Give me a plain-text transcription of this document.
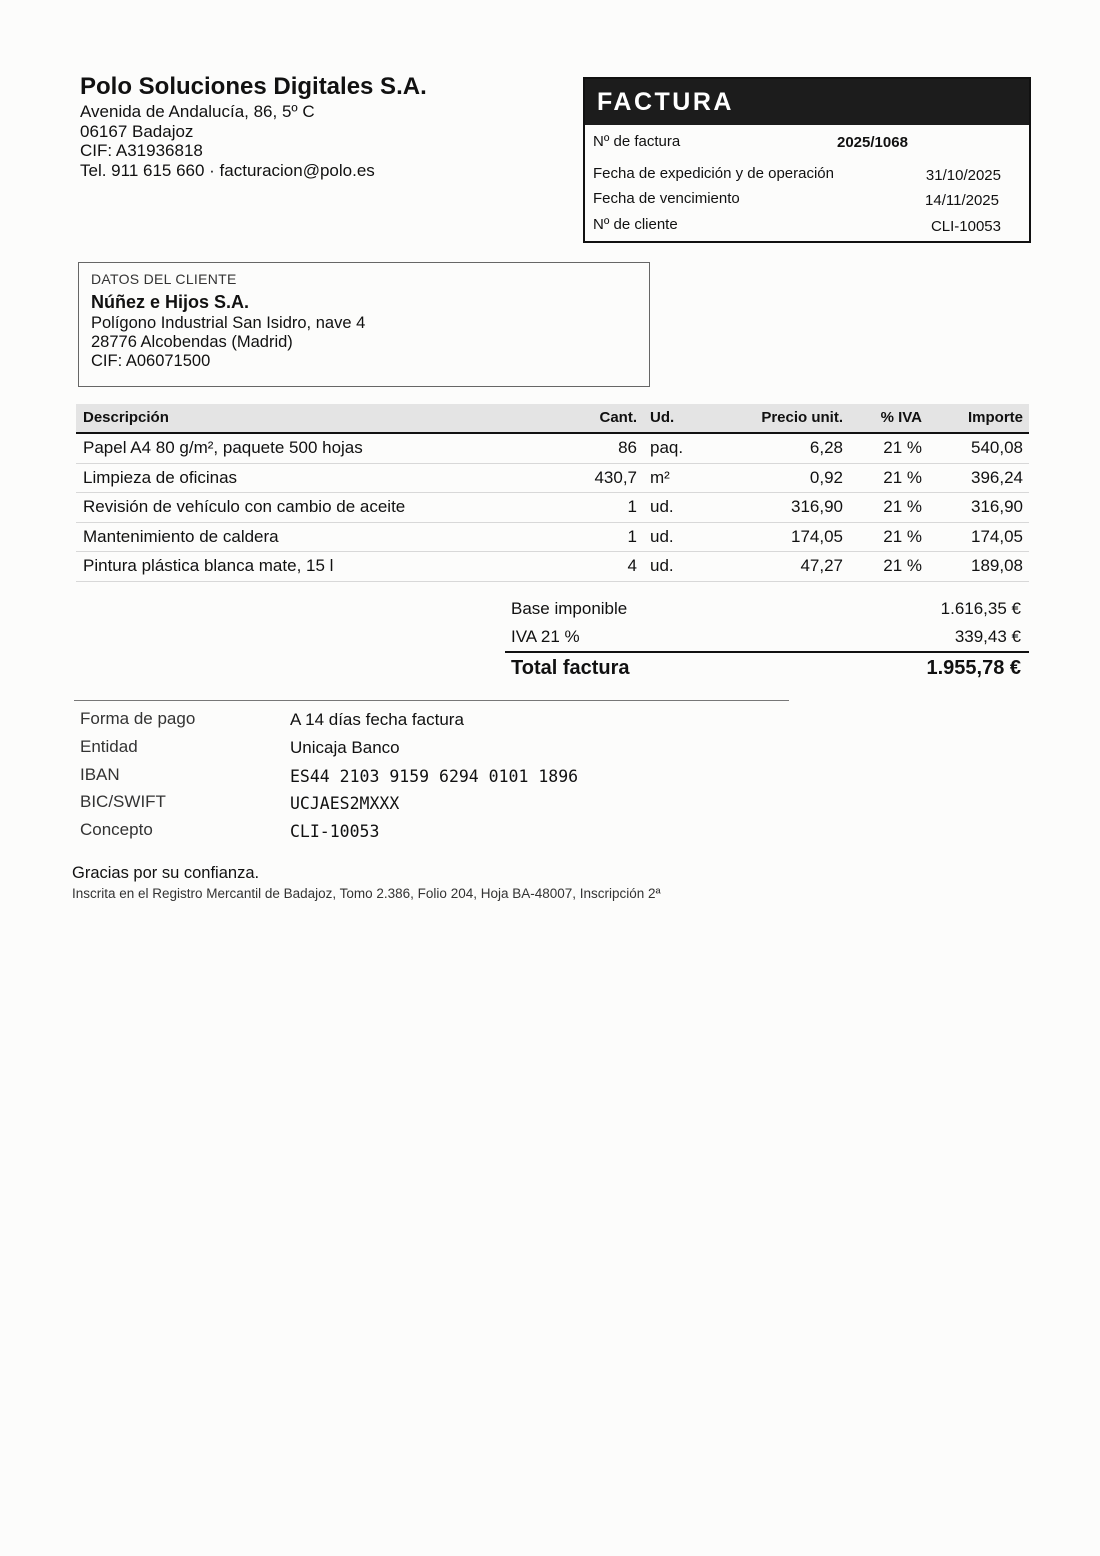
Polo Soluciones Digitales S.A.
Avenida de Andalucía, 86, 5º C
06167 Badajoz
CIF: A31936818
Tel. 911 615 660 · facturacion@polo.es
FACTURA
Nº de factura	2025/1068
Fecha de expedición y de operación	31/10/2025
Fecha de vencimiento	14/11/2025
Nº de cliente	CLI-10053
DATOS DEL CLIENTE
Núñez e Hijos S.A.
Polígono Industrial San Isidro, nave 4
28776 Alcobendas (Madrid)
CIF: A06071500
Descripción	Cant. Ud.	Precio unit.	% IVA	Importe
Papel A4 80 g/m², paquete 500 hojas	86 paq.	6,28 21 %	540,08
Limpieza de oficinas	430,7 m²	0,92 21 %	396,24
Revisión de vehículo con cambio de aceite	1 ud.	316,90 21 %	316,90
Mantenimiento de caldera	1 ud.	174,05 21 %	174,05
Pintura plástica blanca mate, 15 l	4 ud.	47,27 21 %	189,08
Base imponible	1.616,35 €
IVA 21 %	339,43 €
Total factura	1.955,78 €
Forma de pago	A 14 días fecha factura
Entidad	Unicaja Banco
IBAN	ES44 2103 9159 6294 0101 1896
BIC/SWIFT	UCJAES2MXXX
Concepto	CLI-10053
Gracias por su confianza.
Inscrita en el Registro Mercantil de Badajoz, Tomo 2.386, Folio 204, Hoja BA-48007, Inscripción 2ª
